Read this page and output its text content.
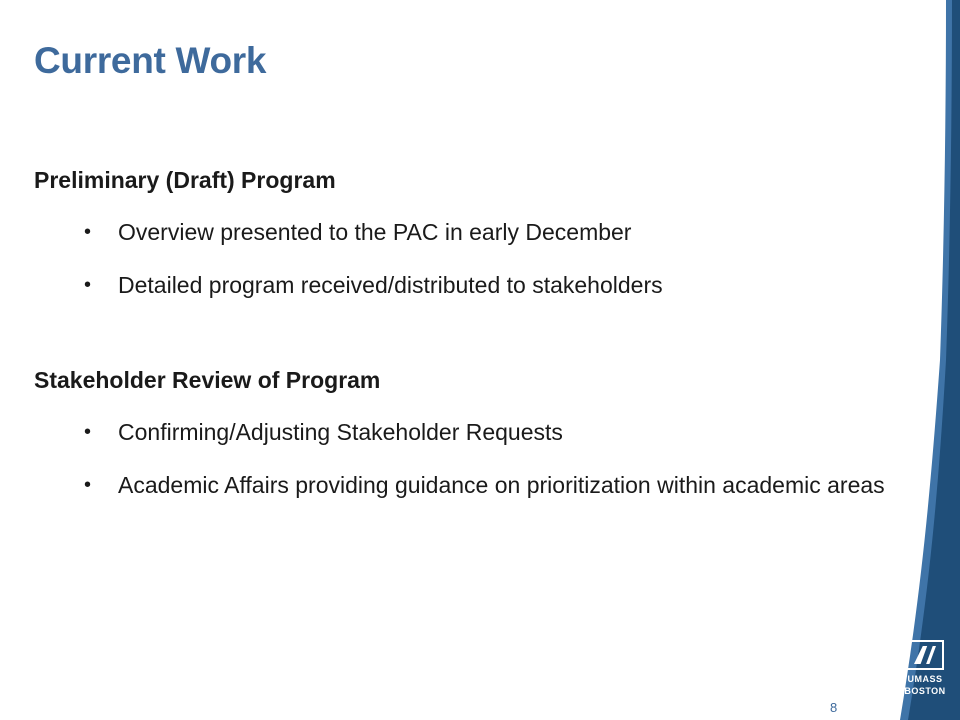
Current Work

Preliminary (Draft) Program

• Overview presented to the PAC in early December
• Detailed program received/distributed to stakeholders

Stakeholder Review of Program

• Confirming/Adjusting Stakeholder Requests
• Academic Affairs providing guidance on prioritization within academic areas
UMASS
BOSTON
8
